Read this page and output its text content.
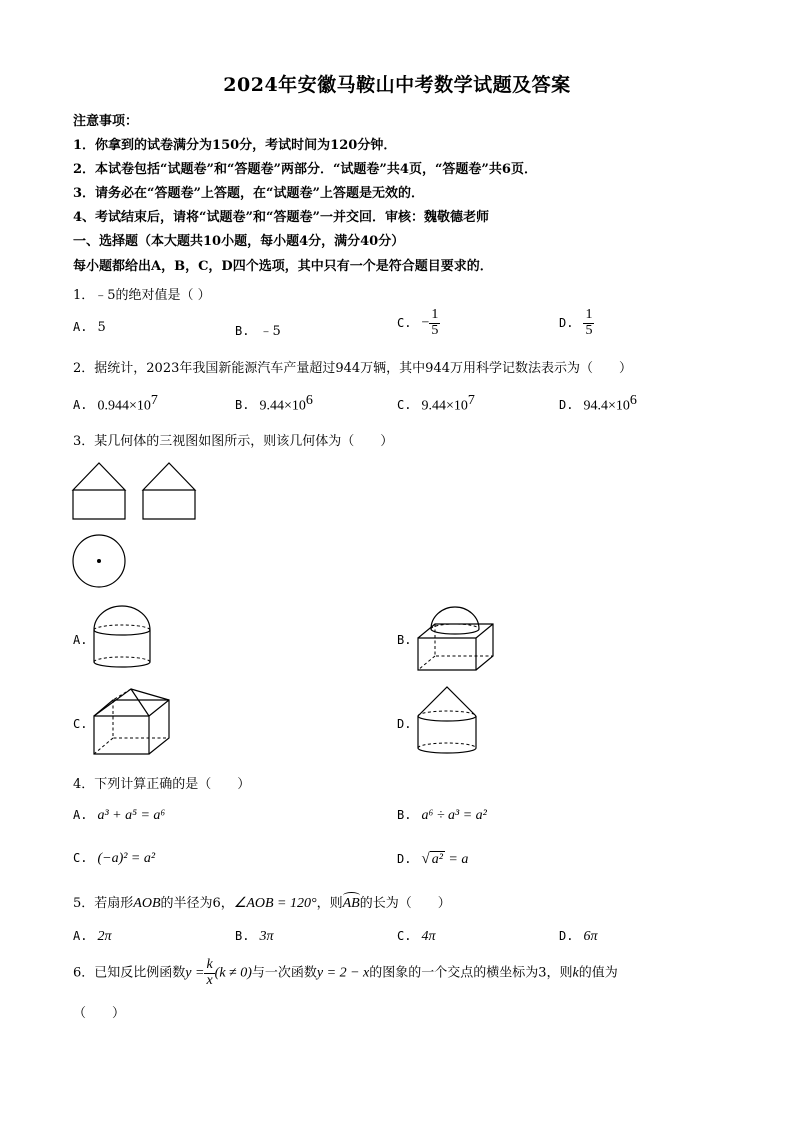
2024年安徽马鞍山中考数学试题及答案
注意事项：
1．你拿到的试卷满分为150分，考试时间为120分钟．
2．本试卷包括“试题卷”和“答题卷”两部分．“试题卷”共4页，“答题卷”共6页．
3．请务必在“答题卷”上答题，在“试题卷”上答题是无效的．
4、考试结束后，请将“试题卷”和“答题卷”一并交回．审核：魏敬德老师
一、选择题（本大题共10小题，每小题4分，满分40分）
每小题都给出A，B，C，D四个选项，其中只有一个是符合题目要求的．
1．﹣5的绝对值是（ ）
A. 5	B. ﹣5
C. − $\frac{1}{5}$	D. $\frac{1}{5}$
2．据统计，2023年我国新能源汽车产量超过944万辆，其中944万用科学记数法表示为（　　）
A. $0.944\times 10^7$	B. $9.44\times 10^6$	C. $9.44\times 10^7$	D. $94.4\times 10^6$
3．某几何体的三视图如图所示，则该几何体为（　　）
A.	B.
C.	D.
4．下列计算正确的是（　　）
A. a³ + a⁵ = a⁶	B. a⁶ ÷ a³ = a²
C. (−a)² = a²	D. √ a² = a
5．若扇形AOB的半径为6，∠AOB = 120°，则AB
的长为（　　）
A. 2π	B. 3π	C. 4π	D. 6π
6．已知反比例函数$y = \frac{k}{x} (k \ne 0)$与一次函数y = 2 − x的图象的一个交点的横坐标为3，则k的值为
（　　）
